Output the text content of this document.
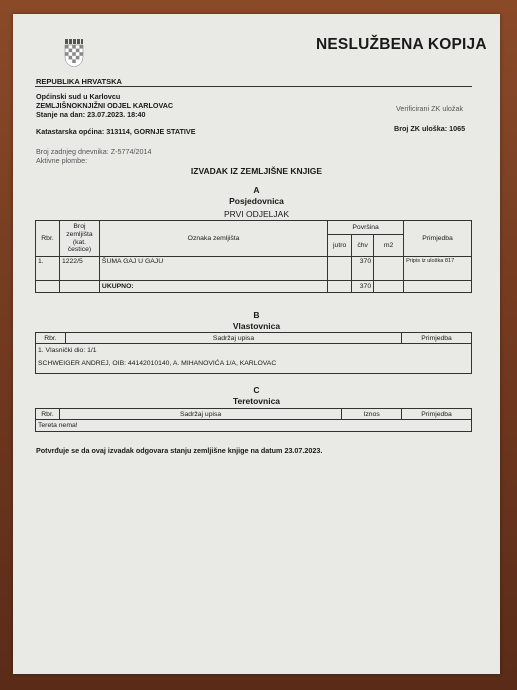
NESLUŽBENA KOPIJA
REPUBLIKA HRVATSKA
Općinski sud u Karlovcu
ZEMLJIŠNOKNJIŽNI ODJEL KARLOVAC
Stanje na dan: 23.07.2023. 18:40
Verificirani ZK uložak
Katastarska općina: 313114, GORNJE STATIVE	Broj ZK uloška: 1065
Broj zadnjeg dnevnika: Z-5774/2014
Aktivne plombe:
IZVADAK IZ ZEMLJIŠNE KNJIGE
A
Posjedovnica
PRVI ODJELJAK
Rbr.	Broj zemljišta (kat. čestice)	Oznaka zemljišta	Površina			Primjedba
			jutro	čhv	m2	
1.	1222/5	ŠUMA GAJ U GAJU		370		Pripis iz uloška 817
		UKUPNO:		370		
B
Vlastovnica
Rbr.	Sadržaj upisa	Primjedba

1. Vlasnički dio: 1/1
SCHWEIGER ANDREJ, OIB: 44142010140, A. MIHANOVIĆA 1/A, KARLOVAC
C
Teretovnica
Rbr.	Sadržaj upisa	Iznos	Primjedba
Tereta nema!
Potvrđuje se da ovaj izvadak odgovara stanju zemljišne knjige na datum 23.07.2023.
